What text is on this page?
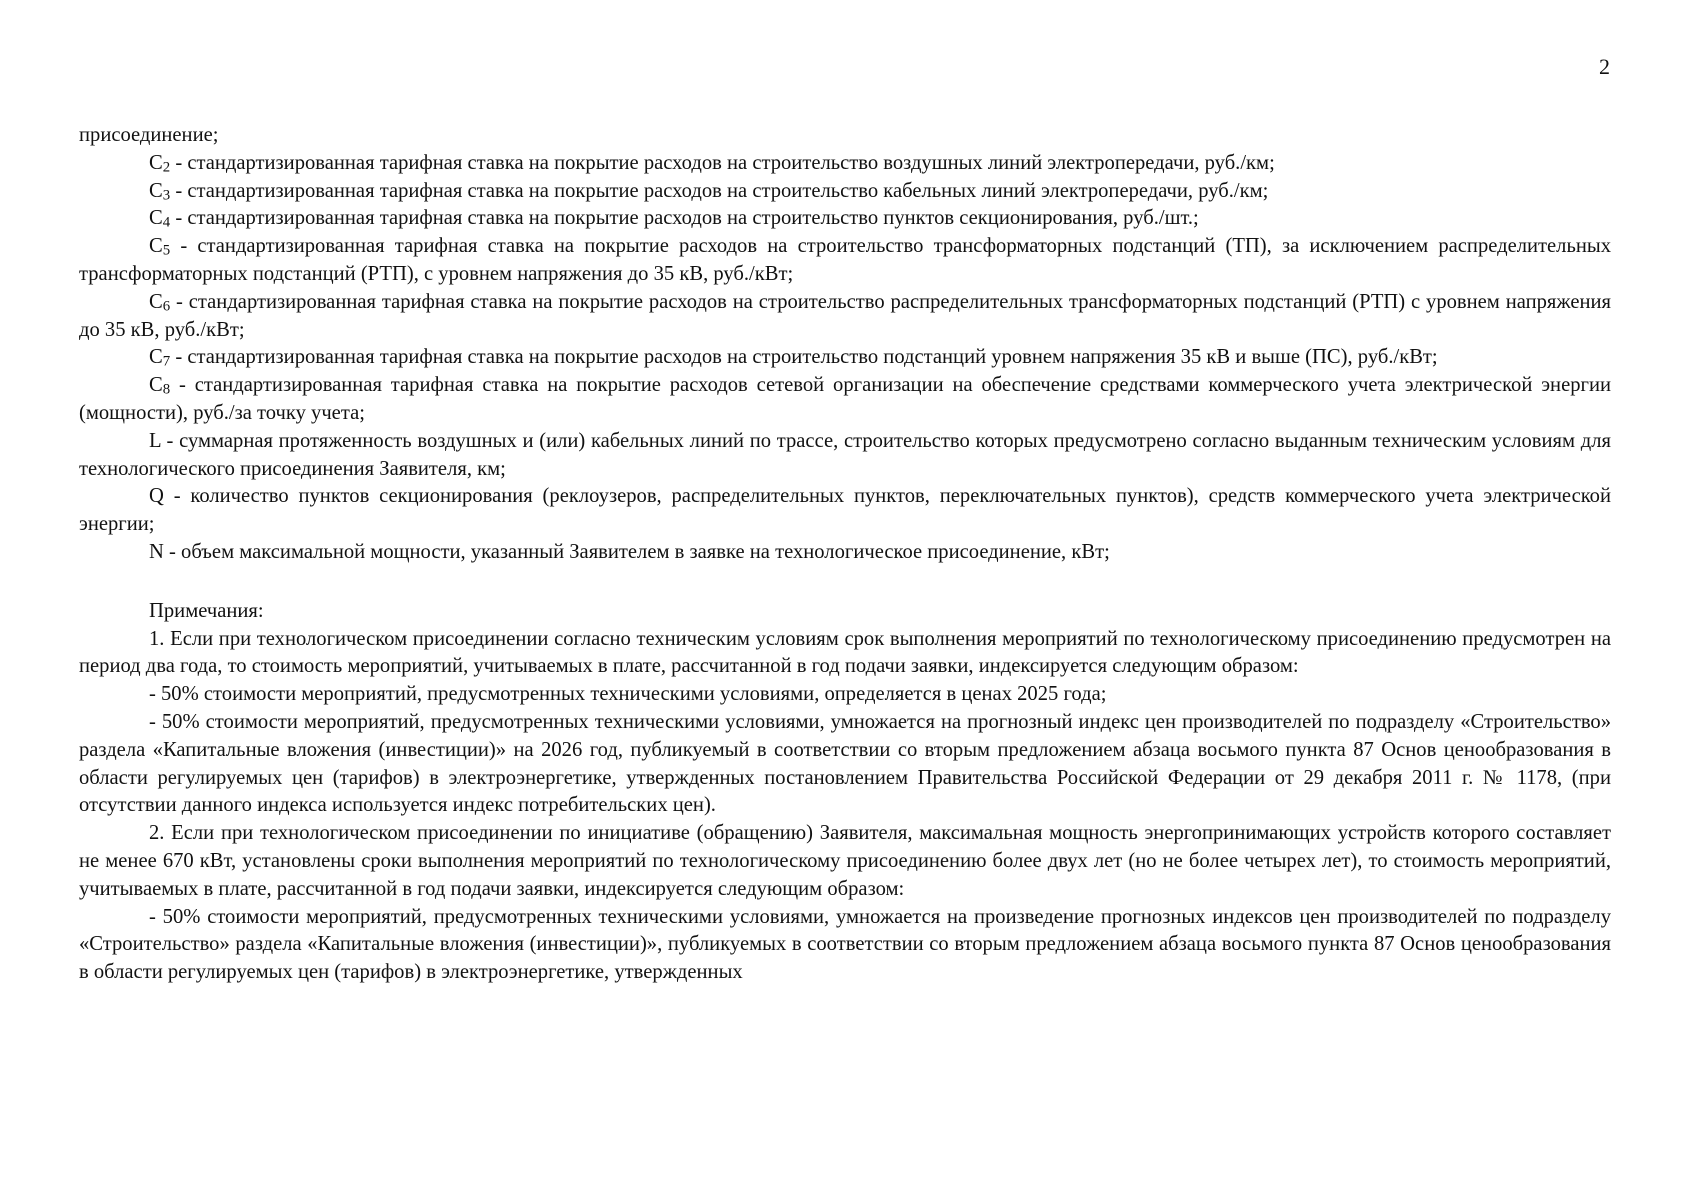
2

присоединение;

$C_2$ - стандартизированная тарифная ставка на покрытие расходов на строительство воздушных линий электропередачи, руб./км;

$C_3$ - стандартизированная тарифная ставка на покрытие расходов на строительство кабельных линий электропередачи, руб./км;

$C_4$ - стандартизированная тарифная ставка на покрытие расходов на строительство пунктов секционирования, руб./шт.;

$C_5$ - стандартизированная тарифная ставка на покрытие расходов на строительство трансформаторных подстанций (ТП), за исключением распределительных трансформаторных подстанций (РТП), с уровнем напряжения до 35 кВ, руб./кВт;

$C_6$ - стандартизированная тарифная ставка на покрытие расходов на строительство распределительных трансформаторных подстанций (РТП) с уровнем напряжения до 35 кВ, руб./кВт;

$C_7$ - стандартизированная тарифная ставка на покрытие расходов на строительство подстанций уровнем напряжения 35 кВ и выше (ПС), руб./кВт;

$C_8$ - стандартизированная тарифная ставка на покрытие расходов сетевой организации на обеспечение средствами коммерческого учета электрической энергии (мощности), руб./за точку учета;

L - суммарная протяженность воздушных и (или) кабельных линий по трассе, строительство которых предусмотрено согласно выданным техническим условиям для технологического присоединения Заявителя, км;

Q - количество пунктов секционирования (реклоузеров, распределительных пунктов, переключательных пунктов), средств коммерческого учета электрической энергии;

N - объем максимальной мощности, указанный Заявителем в заявке на технологическое присоединение, кВт;

Примечания:

1. Если при технологическом присоединении согласно техническим условиям срок выполнения мероприятий по технологическому присоединению предусмотрен на период два года, то стоимость мероприятий, учитываемых в плате, рассчитанной в год подачи заявки, индексируется следующим образом:

- 50% стоимости мероприятий, предусмотренных техническими условиями, определяется в ценах 2025 года;

- 50% стоимости мероприятий, предусмотренных техническими условиями, умножается на прогнозный индекс цен производителей по подразделу «Строительство» раздела «Капитальные вложения (инвестиции)» на 2026 год, публикуемый в соответствии со вторым предложением абзаца восьмого пункта 87 Основ ценообразования в области регулируемых цен (тарифов) в электроэнергетике, утвержденных постановлением Правительства Российской Федерации от 29 декабря 2011 г. № 1178, (при отсутствии данного индекса используется индекс потребительских цен).

2. Если при технологическом присоединении по инициативе (обращению) Заявителя, максимальная мощность энергопринимающих устройств которого составляет не менее 670 кВт, установлены сроки выполнения мероприятий по технологическому присоединению более двух лет (но не более четырех лет), то стоимость мероприятий, учитываемых в плате, рассчитанной в год подачи заявки, индексируется следующим образом:

- 50% стоимости мероприятий, предусмотренных техническими условиями, умножается на произведение прогнозных индексов цен производителей по подразделу «Строительство» раздела «Капитальные вложения (инвестиции)», публикуемых в соответствии со вторым предложением абзаца восьмого пункта 87 Основ ценообразования в области регулируемых цен (тарифов) в электроэнергетике, утвержденных
